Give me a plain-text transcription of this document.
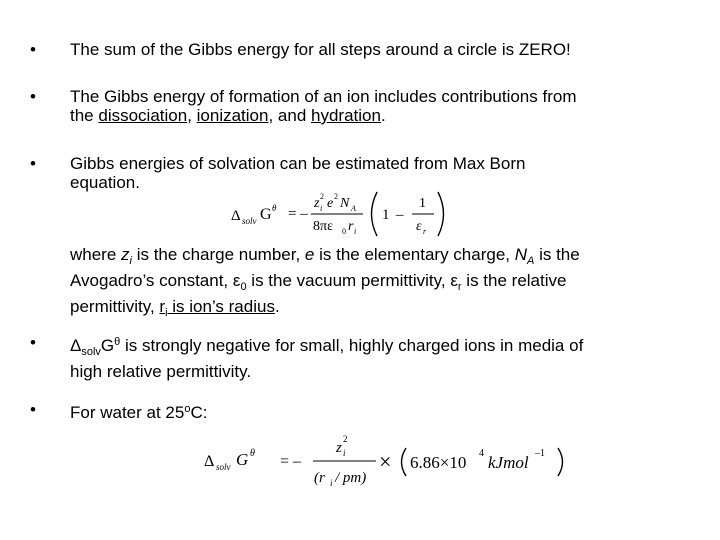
• The sum of the Gibbs energy for all steps around a circle is ZERO!
• The Gibbs energy of formation of an ion includes contributions from
the dissociation, ionization, and hydration.
• Gibbs energies of solvation can be estimated from Max Born
equation.
Δ solv G θ = –
z 2
i e 2 N A
8πε 0 r i
1 –
1
ε r
where $z_i$ is the charge number, e is the elementary charge, $N_A$ is the
Avogadro’s constant, $\varepsilon_0$ is the vacuum permittivity, $\varepsilon_r$ is the relative
permittivity, $r_i$ is ion’s radius.
• $\Delta_{solv}G^\theta$ is strongly negative for small, highly charged ions in media of
high relative permittivity.
• For water at 25$^o$C:
Δ solv G θ = –
z
2
i
(r i / pm)
× 6.86×10 4 kJmol –1
